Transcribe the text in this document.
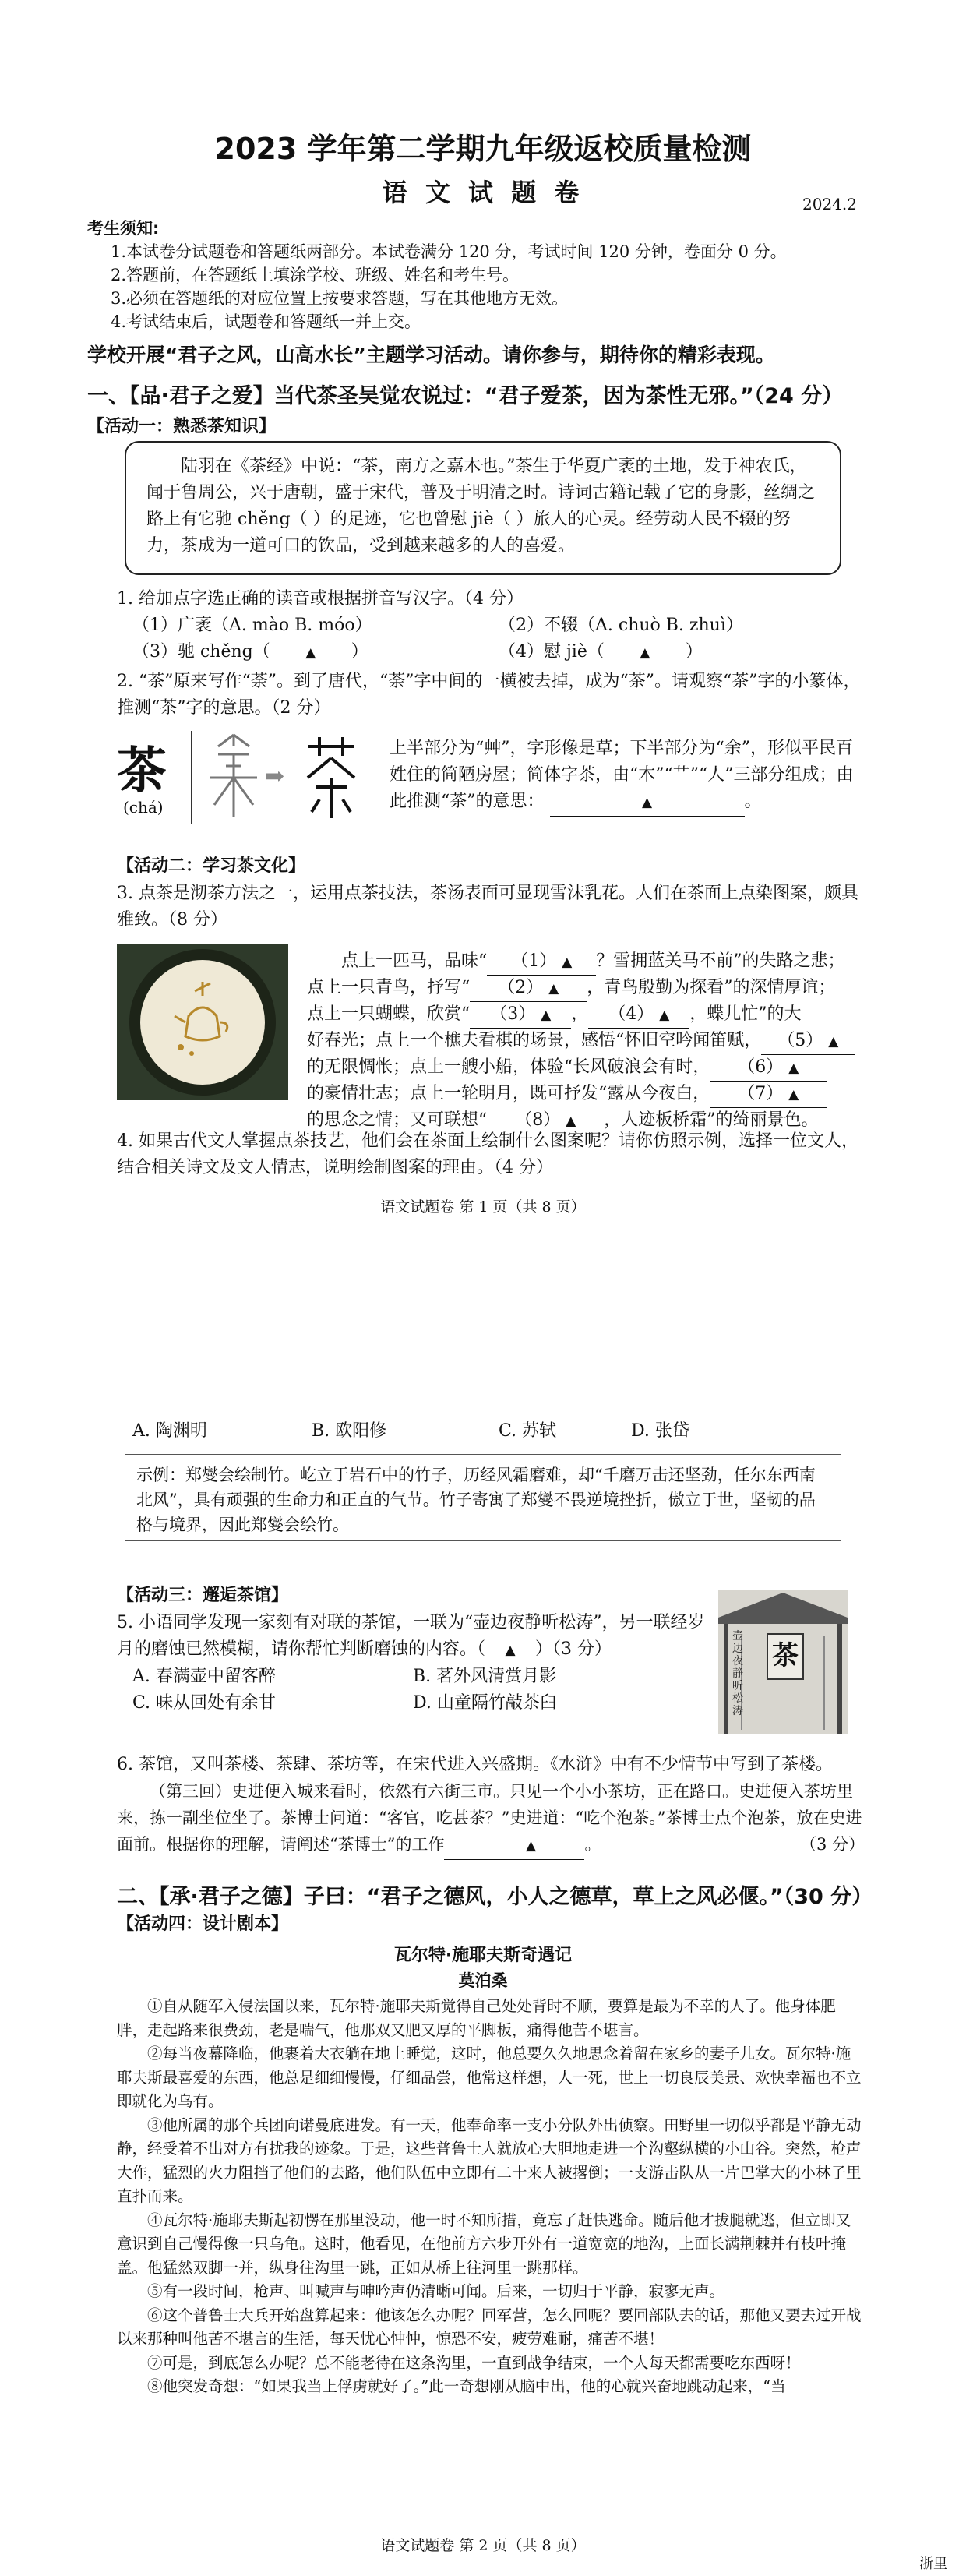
2023 学年第二学期九年级返校质量检测
语 文 试 题 卷	2024.2

考生须知:

1.本试卷分试题卷和答题纸两部分。本试卷满分 120 分，考试时间 120 分钟，卷面分 0 分。

2.答题前，在答题纸上填涂学校、班级、姓名和考生号。

3.必须在答题纸的对应位置上按要求答题，写在其他地方无效。

4.考试结束后，试题卷和答题纸一并上交。

学校开展“君子之风，山高水长”主题学习活动。请你参与，期待你的精彩表现。
一、【品·君子之爱】当代茶圣吴觉农说过：“君子爱茶，因为茶性无邪。”（24 分）
【活动一：熟悉茶知识】

陆羽在《茶经》中说：“茶，南方之嘉木也。”茶生于华夏广袤的土地，发于神农氏，闻于鲁周公，兴于唐朝，盛于宋代，普及于明清之时。诗词古籍记载了它的身影，丝绸之路上有它驰 chěng（ ）的足迹，它也曾慰 jiè（ ）旅人的心灵。经劳动人民不辍的努力，茶成为一道可口的饮品，受到越来越多的人的喜爱。

1. 给加点字选正确的读音或根据拼音写汉字。（4 分）

（1）广袤（A. mào B. móo）	（2）不辍（A. chuò B. zhuì）
（3）驰 chěng（	▲ ）	（4）慰 jiè（	▲ ）
2. “茶”原来写作“荼”。到了唐代，“荼”字中间的一横被去掉，成为“茶”。请观察“茶”字的小篆体，推测“茶”字的意思。（2 分）
茶
(chá)
➡
上半部分为“艸”，字形像是草；下半部分为“余”，形似平民百姓住的简陋房屋；简体字茶，由“木”“艹”“人”三部分组成；由此推测“茶”的意思：	▲	。
【活动二：学习茶文化】
3. 点茶是沏茶方法之一，运用点茶技法，茶汤表面可显现雪沫乳花。人们在茶面上点染图案，颇具雅致。（8 分）

点上一匹马，品味“ （1） ▲ ？雪拥蓝关马不前”的失路之悲；

点上一只青鸟，抒写“ （2） ▲ ，青鸟殷勤为探看”的深情厚谊；

点上一只蝴蝶，欣赏“ （3） ▲ ， （4） ▲ ，蝶儿忙”的大

好春光；点上一个樵夫看棋的场景，感悟“怀旧空吟闻笛赋， （5） ▲

的无限惆怅；点上一艘小船，体验“长风破浪会有时， （6） ▲

的豪情壮志；点上一轮明月，既可抒发“露从今夜白， （7） ▲

的思念之情；又可联想“ （8） ▲ ，人迹板桥霜”的绮丽景色。

4. 如果古代文人掌握点茶技艺，他们会在茶面上绘制什么图案呢？请你仿照示例，选择一位文人，结合相关诗文及文人情志，说明绘制图案的理由。（4 分）
语文试题卷 第 1 页（共 8 页）
A. 陶渊明	B. 欧阳修	C. 苏轼	D. 张岱

示例：郑燮会绘制竹。屹立于岩石中的竹子，历经风霜磨难，却“千磨万击还坚劲，任尔东西南北风”，具有顽强的生命力和正直的气节。竹子寄寓了郑燮不畏逆境挫折，傲立于世，坚韧的品格与境界，因此郑燮会绘竹。

【活动三：邂逅茶馆】

5. 小语同学发现一家刻有对联的茶馆，一联为“壶边夜静听松涛”，另一联经岁月的磨蚀已然模糊，请你帮忙判断磨蚀的内容。（ ▲ ）（3 分）

A. 春满壶中留客醉	B. 茗外风清赏月影
C. 味从回处有余甘	D. 山童隔竹敲茶臼
茶
壶边夜静听松涛

6. 茶馆，又叫茶楼、茶肆、茶坊等，在宋代进入兴盛期。《水浒》中有不少情节中写到了茶楼。

（第三回）史进便入城来看时，依然有六街三市。只见一个小小茶坊，正在路口。史进便入茶坊里来，拣一副坐位坐了。茶博士问道：“客官，吃甚茶？”史进道：“吃个泡茶。”茶博士点个泡茶，放在史进面前。根据你的理解，请阐述“茶博士”的工作	▲	。	（3 分）

二、【承·君子之德】子曰：“君子之德风，小人之德草，草上之风必偃。”（30 分）
【活动四：设计剧本】
瓦尔特·施耶夫斯奇遇记
莫泊桑

①自从随军入侵法国以来，瓦尔特·施耶夫斯觉得自己处处背时不顺，要算是最为不幸的人了。他身体肥胖，走起路来很费劲，老是喘气，他那双又肥又厚的平脚板，痛得他苦不堪言。

②每当夜幕降临，他裹着大衣躺在地上睡觉，这时，他总要久久地思念着留在家乡的妻子儿女。瓦尔特·施耶夫斯最喜爱的东西，他总是细细慢慢，仔细品尝，他常这样想，人一死，世上一切良辰美景、欢快幸福也不立即就化为乌有。

③他所属的那个兵团向诺曼底进发。有一天，他奉命率一支小分队外出侦察。田野里一切似乎都是平静无动静，经受着不出对方有扰我的迹象。于是，这些普鲁士人就放心大胆地走进一个沟壑纵横的小山谷。突然，枪声大作，猛烈的火力阻挡了他们的去路，他们队伍中立即有二十来人被撂倒；一支游击队从一片巴掌大的小林子里直扑而来。

④瓦尔特·施耶夫斯起初愣在那里没动，他一时不知所措，竟忘了赶快逃命。随后他才拔腿就逃，但立即又意识到自己慢得像一只乌龟。这时，他看见，在他前方六步开外有一道宽宽的地沟，上面长满荆棘并有枝叶掩盖。他猛然双脚一并，纵身往沟里一跳，正如从桥上往河里一跳那样。

⑤有一段时间，枪声、叫喊声与呻吟声仍清晰可闻。后来，一切归于平静，寂寥无声。

⑥这个普鲁士大兵开始盘算起来：他该怎么办呢？回军营，怎么回呢？要回部队去的话，那他又要去过开战以来那种叫他苦不堪言的生活，每天忧心忡忡，惊恐不安，疲劳难耐，痛苦不堪！

⑦可是，到底怎么办呢？总不能老待在这条沟里，一直到战争结束，一个人每天都需要吃东西呀！

⑧他突发奇想：“如果我当上俘虏就好了。”此一奇想刚从脑中出，他的心就兴奋地跳动起来，“当

语文试题卷 第 2 页（共 8 页）
浙里
